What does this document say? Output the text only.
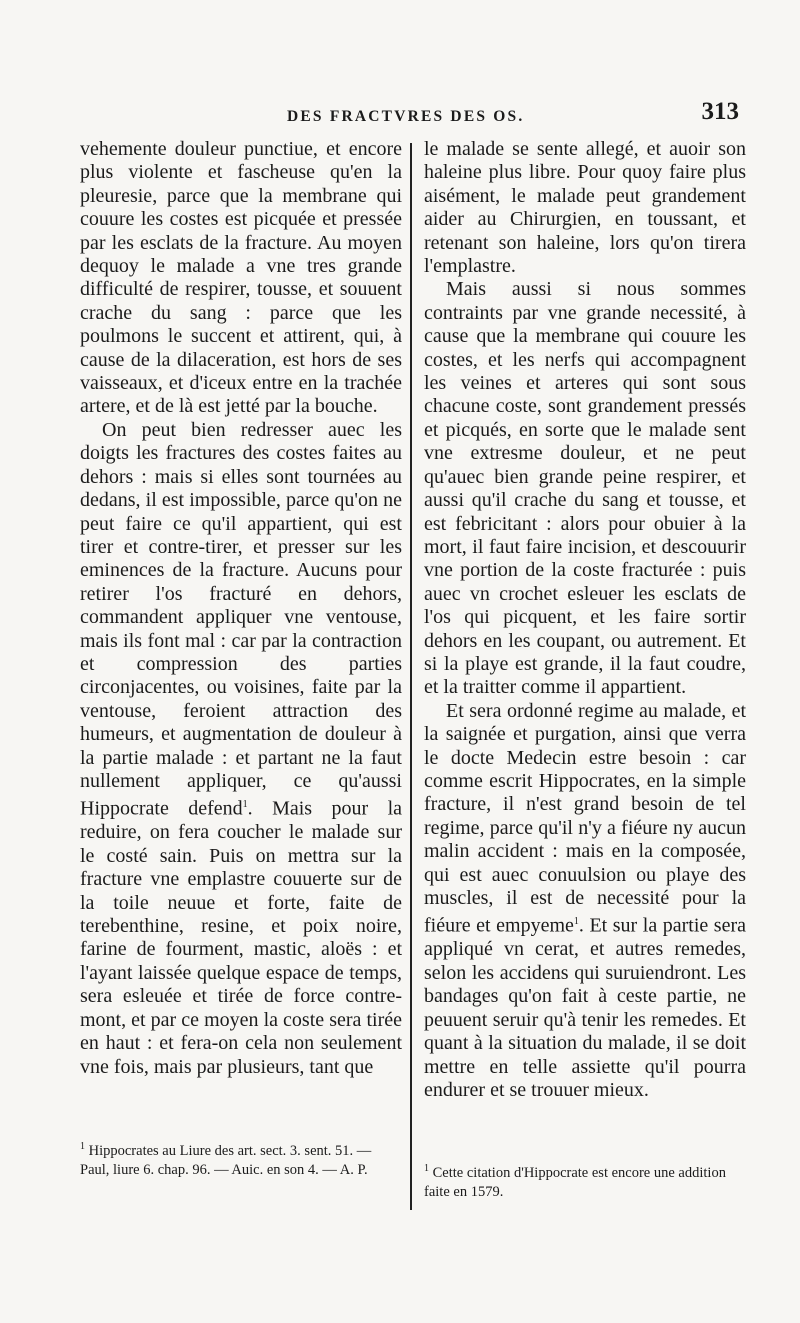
DES FRACTVRES DES OS.	313

vehemente douleur punctiue, et encore plus violente et fascheuse qu'en la pleuresie, parce que la membrane qui couure les costes est picquée et pressée par les esclats de la fracture. Au moyen dequoy le malade a vne tres grande difficulté de respirer, tousse, et souuent crache du sang : parce que les poulmons le succent et attirent, qui, à cause de la dilaceration, est hors de ses vaisseaux, et d'iceux entre en la trachée artere, et de là est jetté par la bouche.

On peut bien redresser auec les doigts les fractures des costes faites au dehors : mais si elles sont tournées au dedans, il est impossible, parce qu'on ne peut faire ce qu'il appartient, qui est tirer et contre-tirer, et presser sur les eminences de la fracture. Aucuns pour retirer l'os fracturé en dehors, commandent appliquer vne ventouse, mais ils font mal : car par la contraction et compression des parties circonjacentes, ou voisines, faite par la ventouse, feroient attraction des humeurs, et augmentation de douleur à la partie malade : et partant ne la faut nullement appliquer, ce qu'aussi Hippocrate defend$^1$. Mais pour la reduire, on fera coucher le malade sur le costé sain. Puis on mettra sur la fracture vne emplastre couuerte sur de la toile neuue et forte, faite de terebenthine, resine, et poix noire, farine de fourment, mastic, aloës : et l'ayant laissée quelque espace de temps, sera esleuée et tirée de force contre-mont, et par ce moyen la coste sera tirée en haut : et fera-on cela non seulement vne fois, mais par plusieurs, tant que

le malade se sente allegé, et auoir son haleine plus libre. Pour quoy faire plus aisément, le malade peut grandement aider au Chirurgien, en toussant, et retenant son haleine, lors qu'on tirera l'emplastre.

Mais aussi si nous sommes contraints par vne grande necessité, à cause que la membrane qui couure les costes, et les nerfs qui accompagnent les veines et arteres qui sont sous chacune coste, sont grandement pressés et picqués, en sorte que le malade sent vne extresme douleur, et ne peut qu'auec bien grande peine respirer, et aussi qu'il crache du sang et tousse, et est febricitant : alors pour obuier à la mort, il faut faire incision, et descouurir vne portion de la coste fracturée : puis auec vn crochet esleuer les esclats de l'os qui picquent, et les faire sortir dehors en les coupant, ou autrement. Et si la playe est grande, il la faut coudre, et la traitter comme il appartient.

Et sera ordonné regime au malade, et la saignée et purgation, ainsi que verra le docte Medecin estre besoin : car comme escrit Hippocrates, en la simple fracture, il n'est grand besoin de tel regime, parce qu'il n'y a fiéure ny aucun malin accident : mais en la composée, qui est auec conuulsion ou playe des muscles, il est de necessité pour la fiéure et empyeme$^1$. Et sur la partie sera appliqué vn cerat, et autres remedes, selon les accidens qui suruiendront. Les bandages qu'on fait à ceste partie, ne peuuent seruir qu'à tenir les remedes. Et quant à la situation du malade, il se doit mettre en telle assiette qu'il pourra endurer et se trouuer mieux.

$^1$ Hippocrates au Liure des art. sect. 3. sent. 51. — Paul, liure 6. chap. 96. — Auic. en son 4. — A. P.	$^1$ Cette citation d'Hippocrate est encore une addition faite en 1579.
